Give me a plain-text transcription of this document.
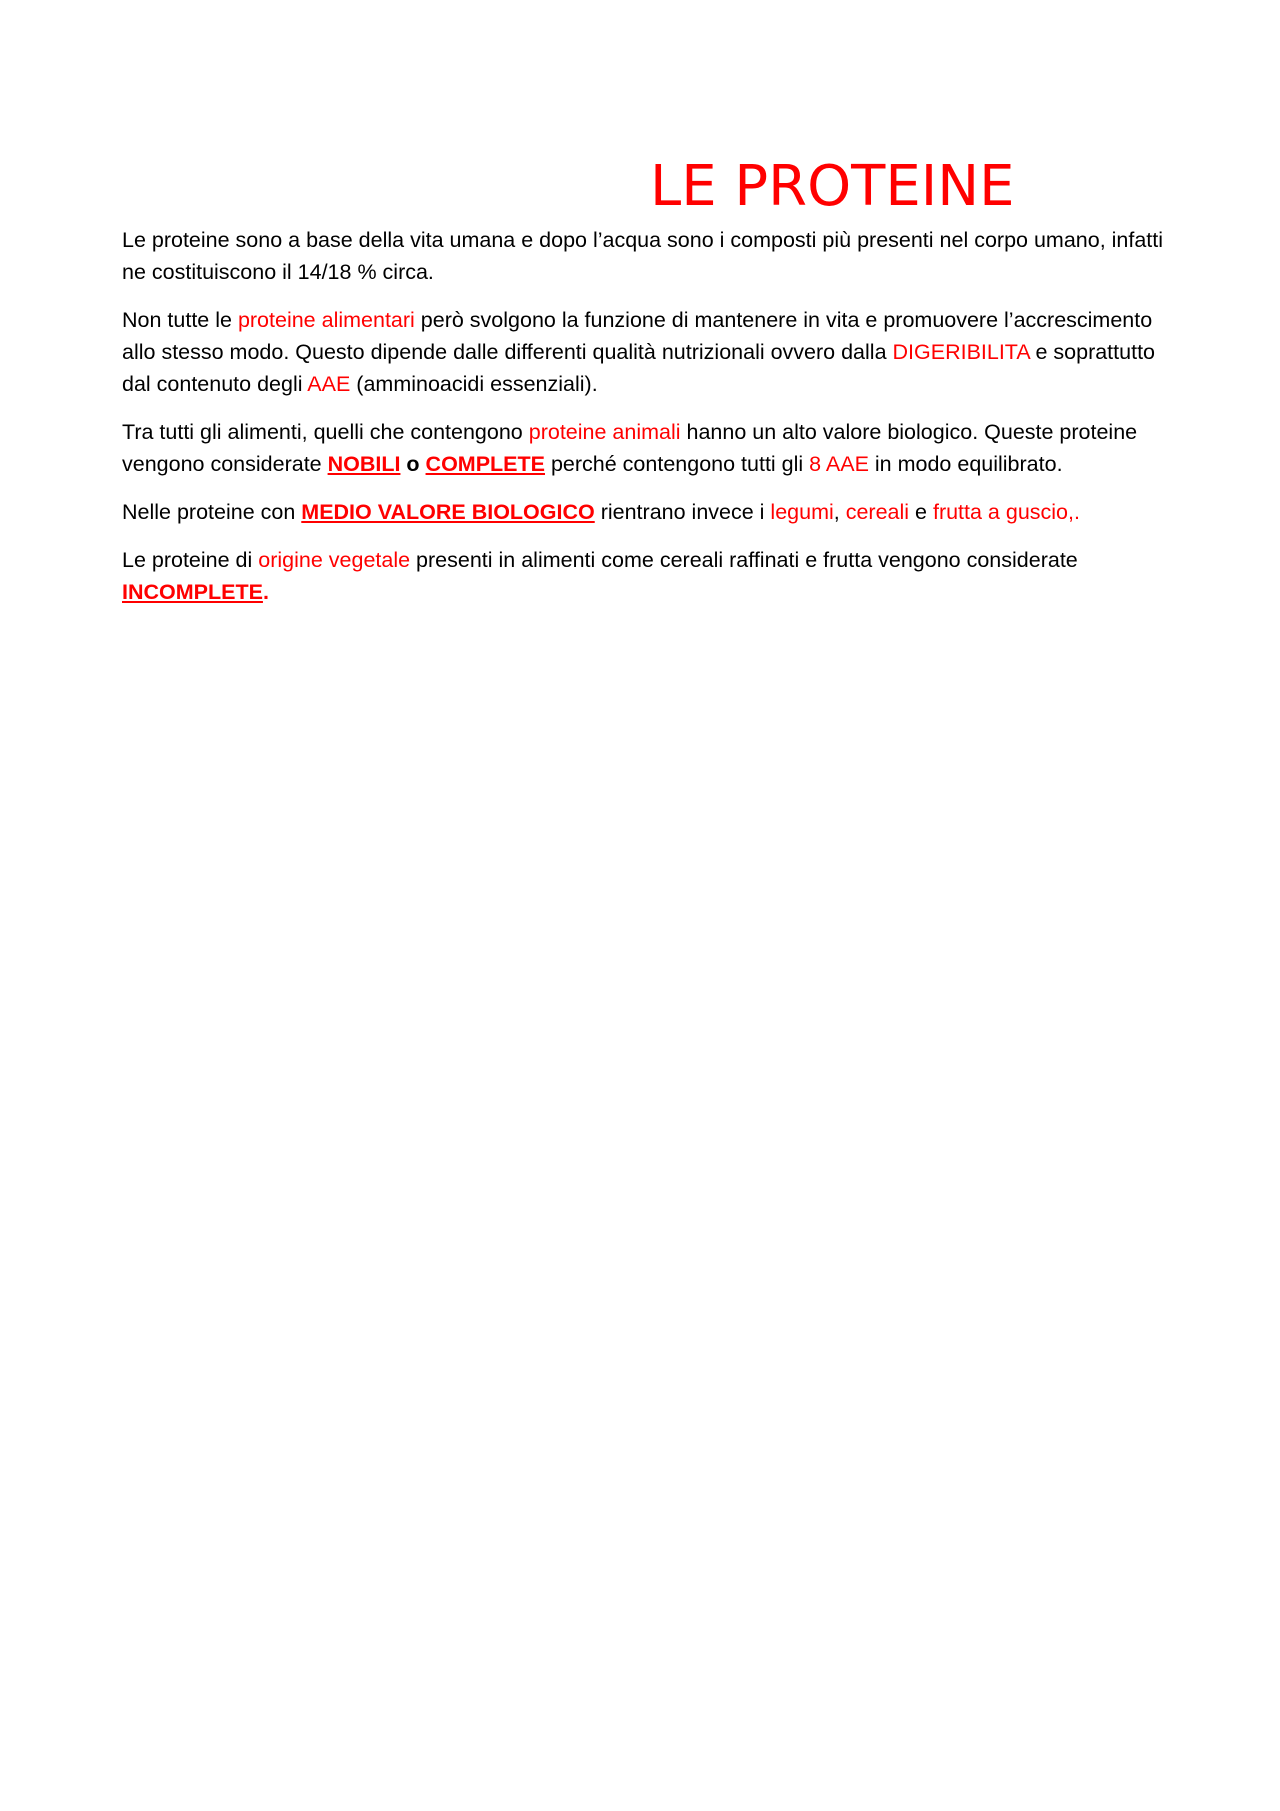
LE PROTEINE

Le proteine sono a base della vita umana e dopo l’acqua sono i composti più presenti nel corpo umano, infatti ne costituiscono il 14/18 % circa.

Non tutte le proteine alimentari però svolgono la funzione di mantenere in vita e promuovere l’accrescimento allo stesso modo. Questo dipende dalle differenti qualità nutrizionali ovvero dalla DIGERIBILITA e soprattutto dal contenuto degli AAE (amminoacidi essenziali).

Tra tutti gli alimenti, quelli che contengono proteine animali hanno un alto valore biologico. Queste proteine vengono considerate NOBILI o COMPLETE perché contengono tutti gli 8 AAE in modo equilibrato.

Nelle proteine con MEDIO VALORE BIOLOGICO rientrano invece i legumi, cereali e frutta a guscio,.

Le proteine di origine vegetale presenti in alimenti come cereali raffinati e frutta vengono considerate INCOMPLETE.
